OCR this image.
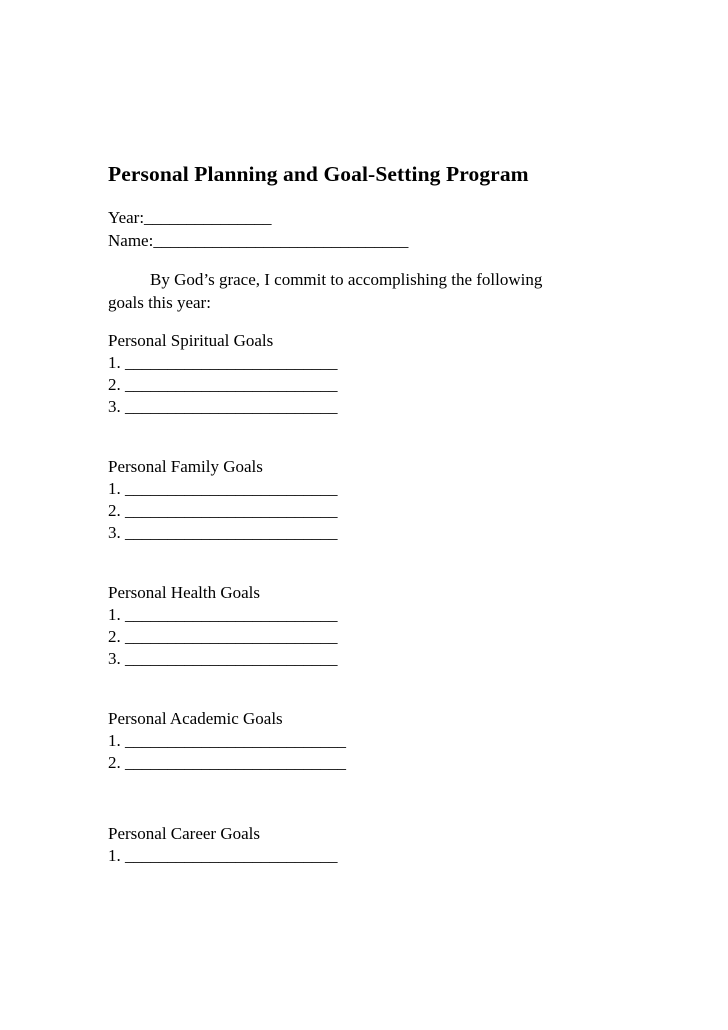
Personal Planning and Goal-Setting Program
Year:_______________
Name:______________________________
By God’s grace, I commit to accomplishing the following
goals this year:
Personal Spiritual Goals
1. _________________________
2. _________________________
3. _________________________
Personal Family Goals
1. _________________________
2. _________________________
3. _________________________
Personal Health Goals
1. _________________________
2. _________________________
3. _________________________
Personal Academic Goals
1. __________________________
2. __________________________
Personal Career Goals
1. _________________________
